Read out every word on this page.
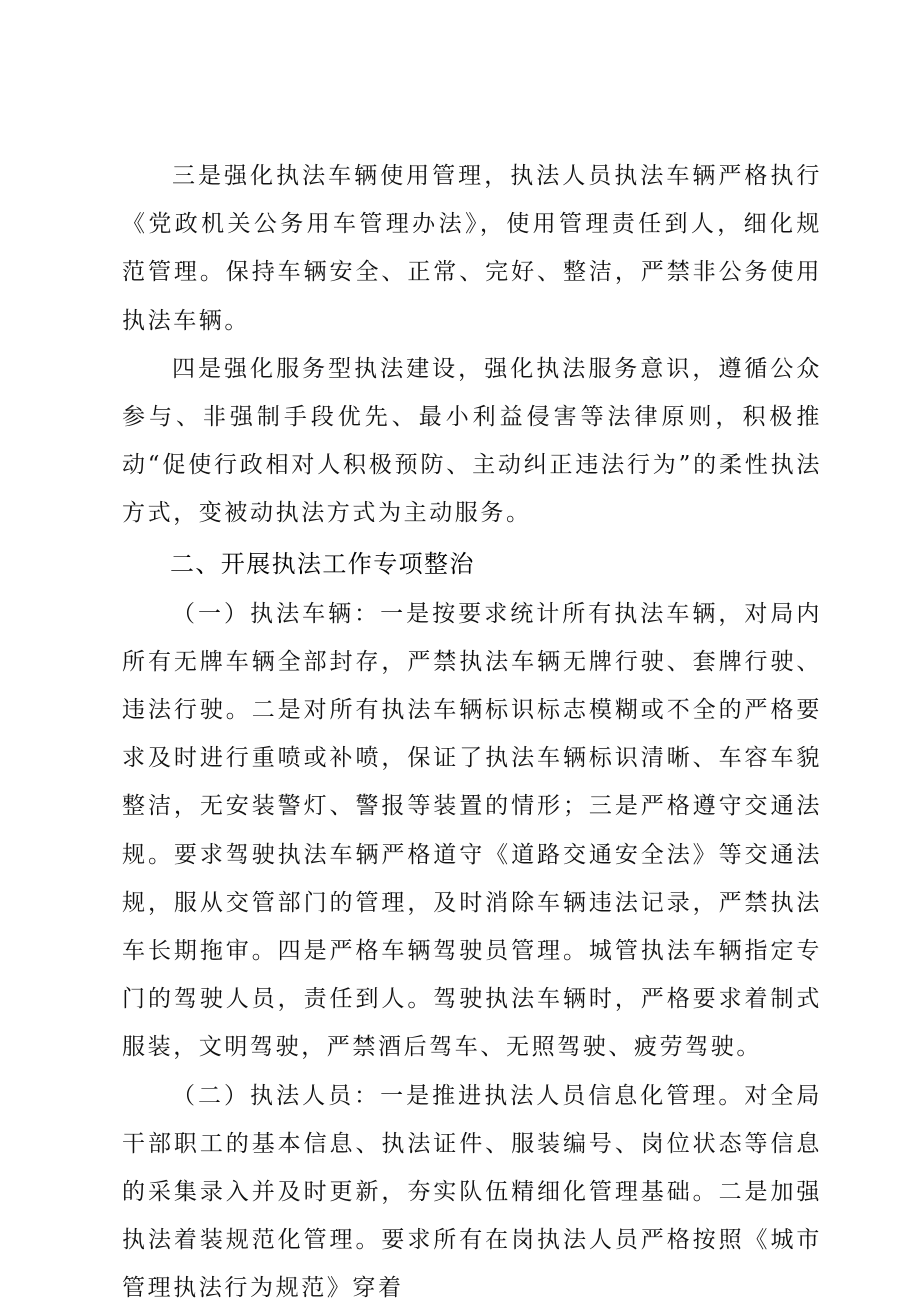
三是强化执法车辆使用管理，执法人员执法车辆严格执行《党政机关公务用车管理办法》，使用管理责任到人，细化规范管理。保持车辆安全、正常、完好、整洁，严禁非公务使用执法车辆。

四是强化服务型执法建设，强化执法服务意识，遵循公众参与、非强制手段优先、最小利益侵害等法律原则，积极推动“促使行政相对人积极预防、主动纠正违法行为”的柔性执法方式，变被动执法方式为主动服务。

二、开展执法工作专项整治

（一）执法车辆：一是按要求统计所有执法车辆，对局内所有无牌车辆全部封存，严禁执法车辆无牌行驶、套牌行驶、违法行驶。二是对所有执法车辆标识标志模糊或不全的严格要求及时进行重喷或补喷，保证了执法车辆标识清晰、车容车貌整洁，无安装警灯、警报等装置的情形；三是严格遵守交通法规。要求驾驶执法车辆严格道守《道路交通安全法》等交通法规，服从交管部门的管理，及时消除车辆违法记录，严禁执法车长期拖审。四是严格车辆驾驶员管理。城管执法车辆指定专门的驾驶人员，责任到人。驾驶执法车辆时，严格要求着制式服装，文明驾驶，严禁酒后驾车、无照驾驶、疲劳驾驶。

（二）执法人员：一是推进执法人员信息化管理。对全局干部职工的基本信息、执法证件、服装编号、岗位状态等信息的采集录入并及时更新，夯实队伍精细化管理基础。二是加强执法着装规范化管理。要求所有在岗执法人员严格按照《城市管理执法行为规范》穿着
